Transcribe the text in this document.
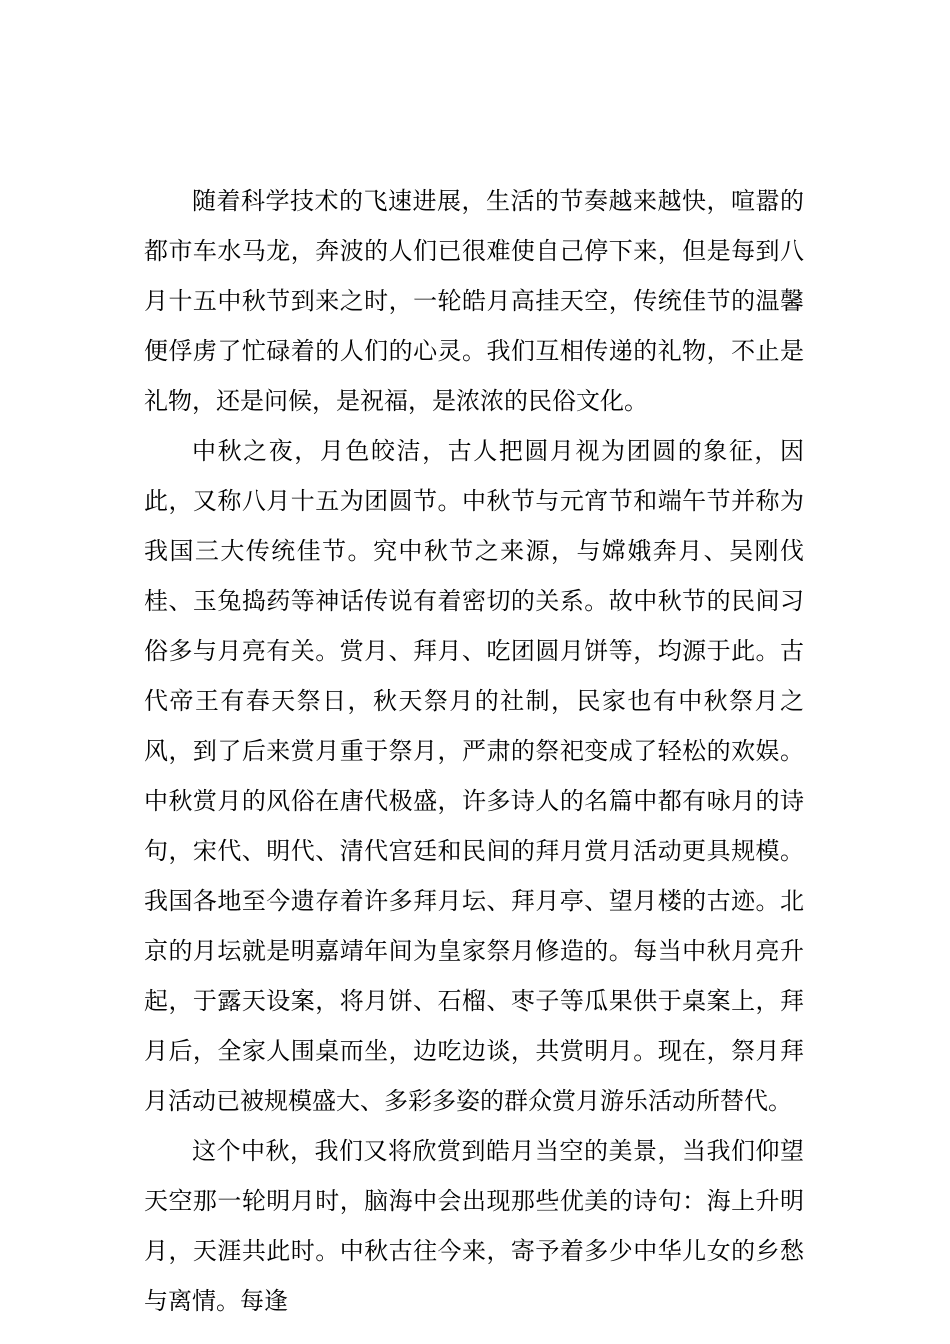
随着科学技术的飞速进展，生活的节奏越来越快，喧嚣的都市车水马龙，奔波的人们已很难使自己停下来，但是每到八月十五中秋节到来之时，一轮皓月高挂天空，传统佳节的温馨便俘虏了忙碌着的人们的心灵。我们互相传递的礼物，不止是礼物，还是问候，是祝福，是浓浓的民俗文化。

中秋之夜，月色皎洁，古人把圆月视为团圆的象征，因此，又称八月十五为团圆节。中秋节与元宵节和端午节并称为我国三大传统佳节。究中秋节之来源，与嫦娥奔月、吴刚伐桂、玉兔捣药等神话传说有着密切的关系。故中秋节的民间习俗多与月亮有关。赏月、拜月、吃团圆月饼等，均源于此。古代帝王有春天祭日，秋天祭月的社制，民家也有中秋祭月之风，到了后来赏月重于祭月，严肃的祭祀变成了轻松的欢娱。中秋赏月的风俗在唐代极盛，许多诗人的名篇中都有咏月的诗句，宋代、明代、清代宫廷和民间的拜月赏月活动更具规模。我国各地至今遗存着许多拜月坛、拜月亭、望月楼的古迹。北京的月坛就是明嘉靖年间为皇家祭月修造的。每当中秋月亮升起，于露天设案，将月饼、石榴、枣子等瓜果供于桌案上，拜月后，全家人围桌而坐，边吃边谈，共赏明月。现在，祭月拜月活动已被规模盛大、多彩多姿的群众赏月游乐活动所替代。

这个中秋，我们又将欣赏到皓月当空的美景，当我们仰望天空那一轮明月时，脑海中会出现那些优美的诗句：海上升明月，天涯共此时。中秋古往今来，寄予着多少中华儿女的乡愁与离情。每逢
